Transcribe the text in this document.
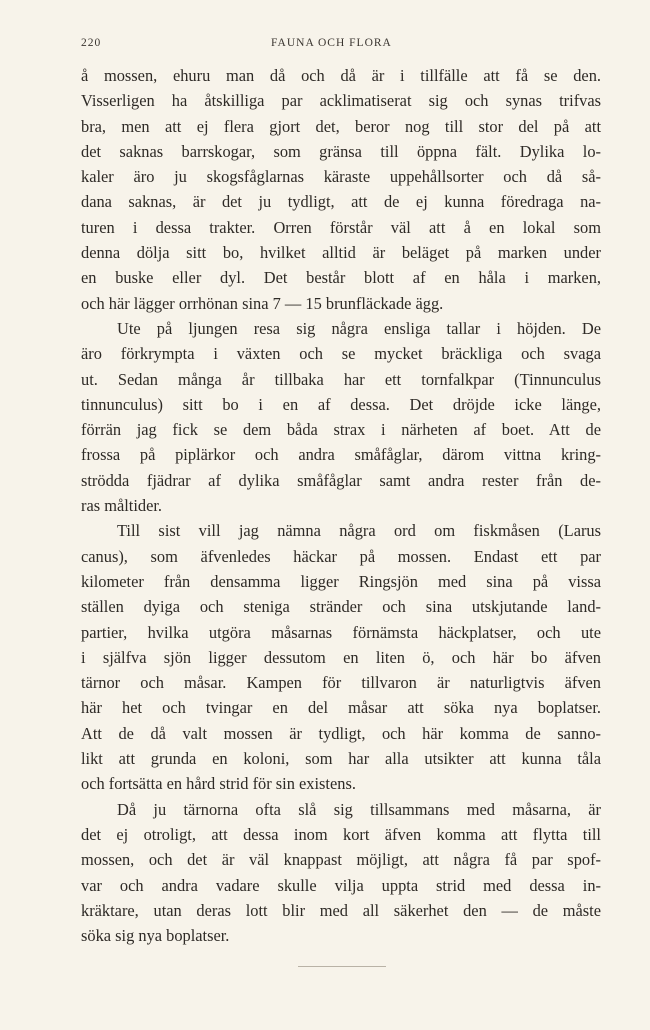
220	FAUNA OCH FLORA
å mossen, ehuru man då och då är i tillfälle att få se den.
Visserligen ha åtskilliga par acklimatiserat sig och synas trifvas
bra, men att ej flera gjort det, beror nog till stor del på att
det saknas barrskogar, som gränsa till öppna fält. Dylika lo-
kaler äro ju skogsfåglarnas käraste uppehållsorter och då så-
dana saknas, är det ju tydligt, att de ej kunna föredraga na-
turen i dessa trakter. Orren förstår väl att å en lokal som
denna dölja sitt bo, hvilket alltid är beläget på marken under
en buske eller dyl. Det består blott af en håla i marken,
och här lägger orrhönan sina 7 — 15 brunfläckade ägg.
Ute på ljungen resa sig några ensliga tallar i höjden. De
äro förkrympta i växten och se mycket bräckliga och svaga
ut. Sedan många år tillbaka har ett tornfalkpar (Tinnunculus
tinnunculus) sitt bo i en af dessa. Det dröjde icke länge,
förrän jag fick se dem båda strax i närheten af boet. Att de
frossa på piplärkor och andra småfåglar, därom vittna kring-
strödda fjädrar af dylika småfåglar samt andra rester från de-
ras måltider.
Till sist vill jag nämna några ord om fiskmåsen (Larus
canus), som äfvenledes häckar på mossen. Endast ett par
kilometer från densamma ligger Ringsjön med sina på vissa
ställen dyiga och steniga stränder och sina utskjutande land-
partier, hvilka utgöra måsarnas förnämsta häckplatser, och ute
i själfva sjön ligger dessutom en liten ö, och här bo äfven
tärnor och måsar. Kampen för tillvaron är naturligtvis äfven
här het och tvingar en del måsar att söka nya boplatser.
Att de då valt mossen är tydligt, och här komma de sanno-
likt att grunda en koloni, som har alla utsikter att kunna tåla
och fortsätta en hård strid för sin existens.
Då ju tärnorna ofta slå sig tillsammans med måsarna, är
det ej otroligt, att dessa inom kort äfven komma att flytta till
mossen, och det är väl knappast möjligt, att några få par spof-
var och andra vadare skulle vilja uppta strid med dessa in-
kräktare, utan deras lott blir med all säkerhet den — de måste
söka sig nya boplatser.
